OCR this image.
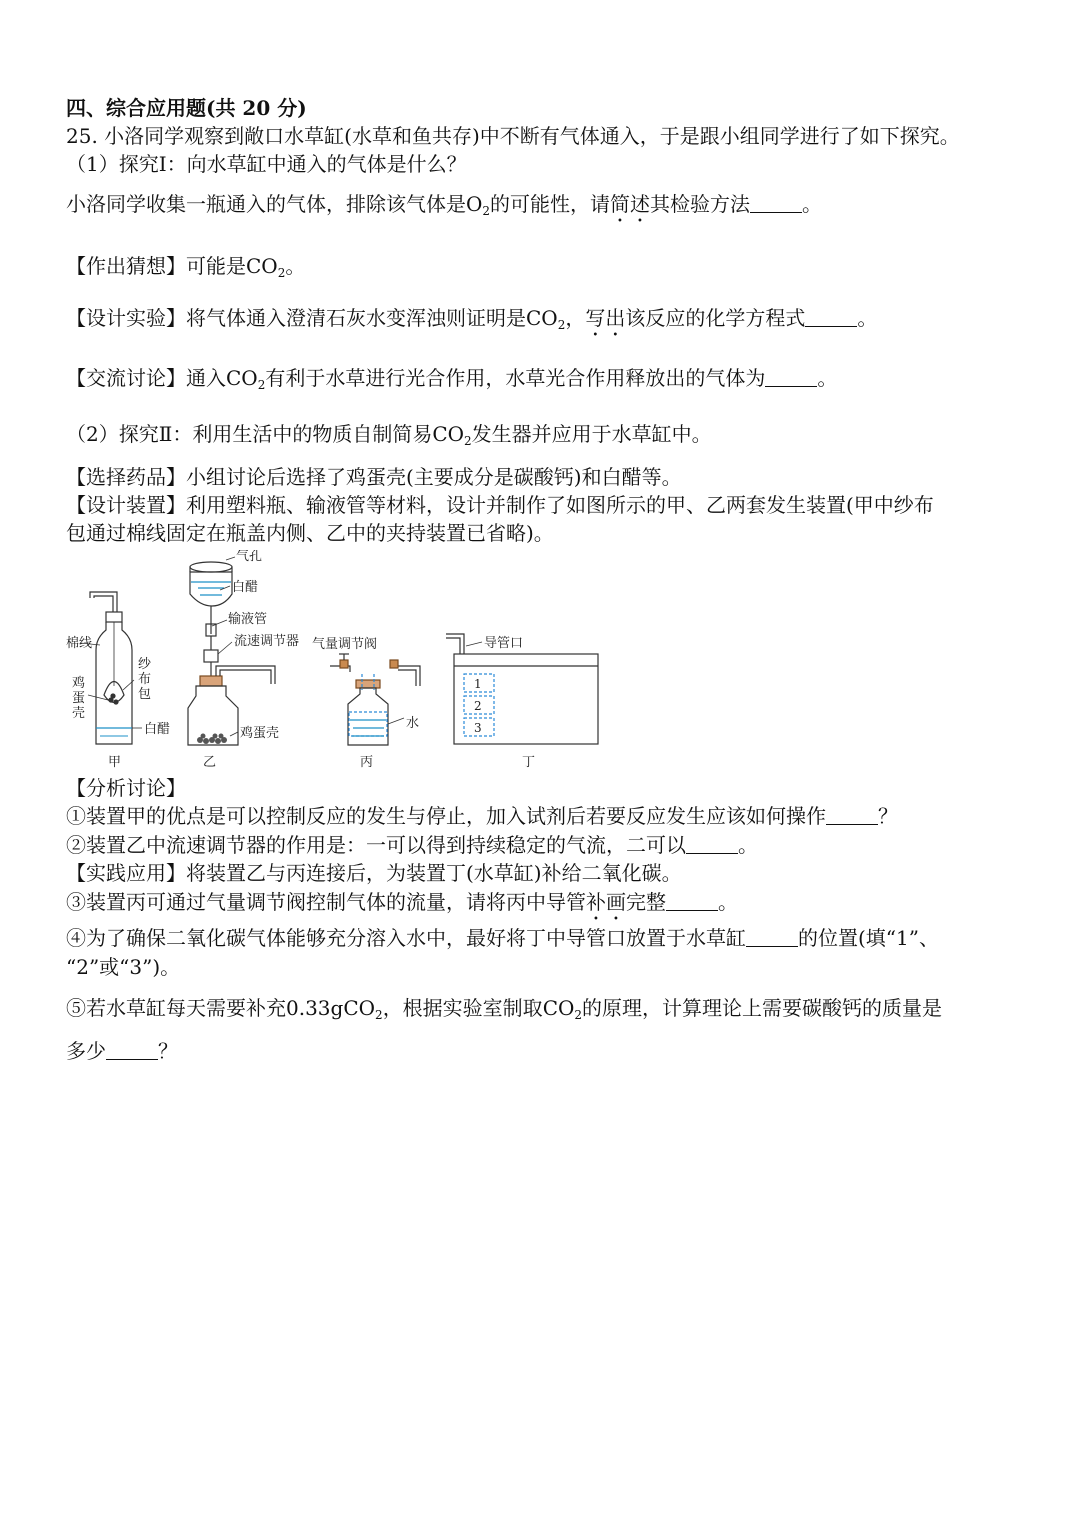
四、综合应用题(共 20 分)
25. 小洛同学观察到敞口水草缸(水草和鱼共存)中不断有气体通入，于是跟小组同学进行了如下探究。
（1）探究Ⅰ：向水草缸中通入的气体是什么？
小洛同学收集一瓶通入的气体，排除该气体是$O_2$的可能性，请简述其检验方法	。
【作出猜想】可能是$CO_2$。
【设计实验】将气体通入澄清石灰水变浑浊则证明是$CO_2$，写出该反应的化学方程式	。
【交流讨论】通入$CO_2$有利于水草进行光合作用，水草光合作用释放出的气体为	。
（2）探究Ⅱ：利用生活中的物质自制简易$CO_2$发生器并应用于水草缸中。
【选择药品】小组讨论后选择了鸡蛋壳(主要成分是碳酸钙)和白醋等。
【设计装置】利用塑料瓶、输液管等材料，设计并制作了如图所示的甲、乙两套发生装置(甲中纱布
包通过棉线固定在瓶盖内侧、乙中的夹持装置已省略)。
棉线
鸡
蛋
壳
纱
布
包
白醋
甲
气孔
白醋
输液管
流速调节器
鸡蛋壳
乙
气量调节阀
水
丙
导管口
1
2
3
丁
【分析讨论】
①装置甲的优点是可以控制反应的发生与停止，加入试剂后若要反应发生应该如何操作	？
②装置乙中流速调节器的作用是：一可以得到持续稳定的气流，二可以	。
【实践应用】将装置乙与丙连接后，为装置丁(水草缸)补给二氧化碳。
③装置丙可通过气量调节阀控制气体的流量，请将丙中导管补画完整	。
④为了确保二氧化碳气体能够充分溶入水中，最好将丁中导管口放置于水草缸	的位置(填“1”、
“2”或“3”)。
⑤若水草缸每天需要补充0.33gCO$_2$，根据实验室制取$CO_2$的原理，计算理论上需要碳酸钙的质量是
多少	？
